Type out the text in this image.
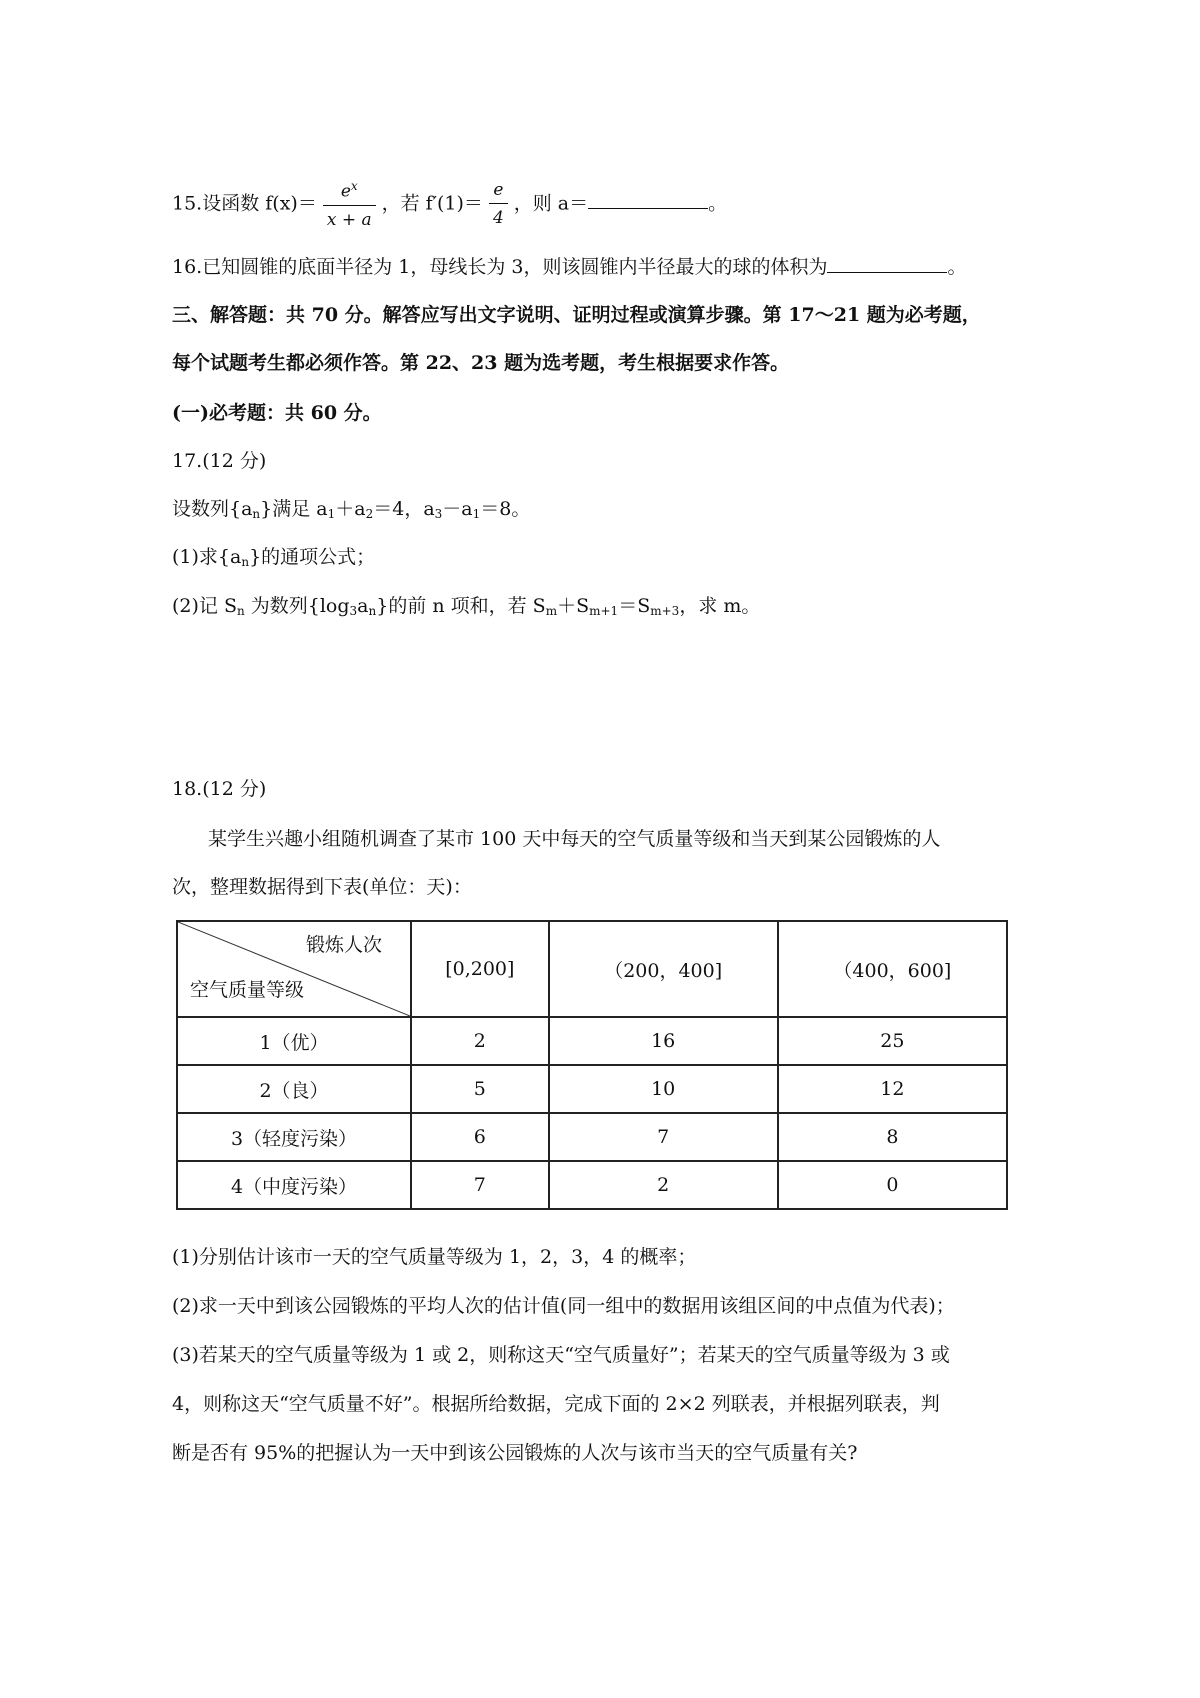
15.设函数 $f(x)= \frac{e^x}{x + a}$ ，若 $f'(1)= \frac{e}{4}$ ，则 a＝	。
16.已知圆锥的底面半径为 1，母线长为 3，则该圆锥内半径最大的球的体积为	。
三、解答题：共 70 分。解答应写出文字说明、证明过程或演算步骤。第 17～21 题为必考题，
每个试题考生都必须作答。第 22、23 题为选考题，考生根据要求作答。
(一)必考题：共 60 分。
17.(12 分)
设数列$\{a_n\}$满足 $a_1+a_2=4$，$a_3-a_1=8$。
(1)求$\{a_n\}$的通项公式；
(2)记 $S_n$ 为数列$\{\log_3a_n\}$的前 n 项和，若 $S_m+S_{m+1}=S_{m+3}$，求 m。
18.(12 分)
某学生兴趣小组随机调查了某市 100 天中每天的空气质量等级和当天到某公园锻炼的人
次，整理数据得到下表(单位：天)：
锻炼人次
空气质量等级	[0,200]	（200，400]	（400，600]
1（优）	2	16	25
2（良）	5	10	12
3（轻度污染）	6	7	8
4（中度污染）	7	2	0
(1)分别估计该市一天的空气质量等级为 1，2，3，4 的概率；
(2)求一天中到该公园锻炼的平均人次的估计值(同一组中的数据用该组区间的中点值为代表)；
(3)若某天的空气质量等级为 1 或 2，则称这天“空气质量好”；若某天的空气质量等级为 3 或
4，则称这天“空气质量不好”。根据所给数据，完成下面的 2×2 列联表，并根据列联表，判
断是否有 95%的把握认为一天中到该公园锻炼的人次与该市当天的空气质量有关?
